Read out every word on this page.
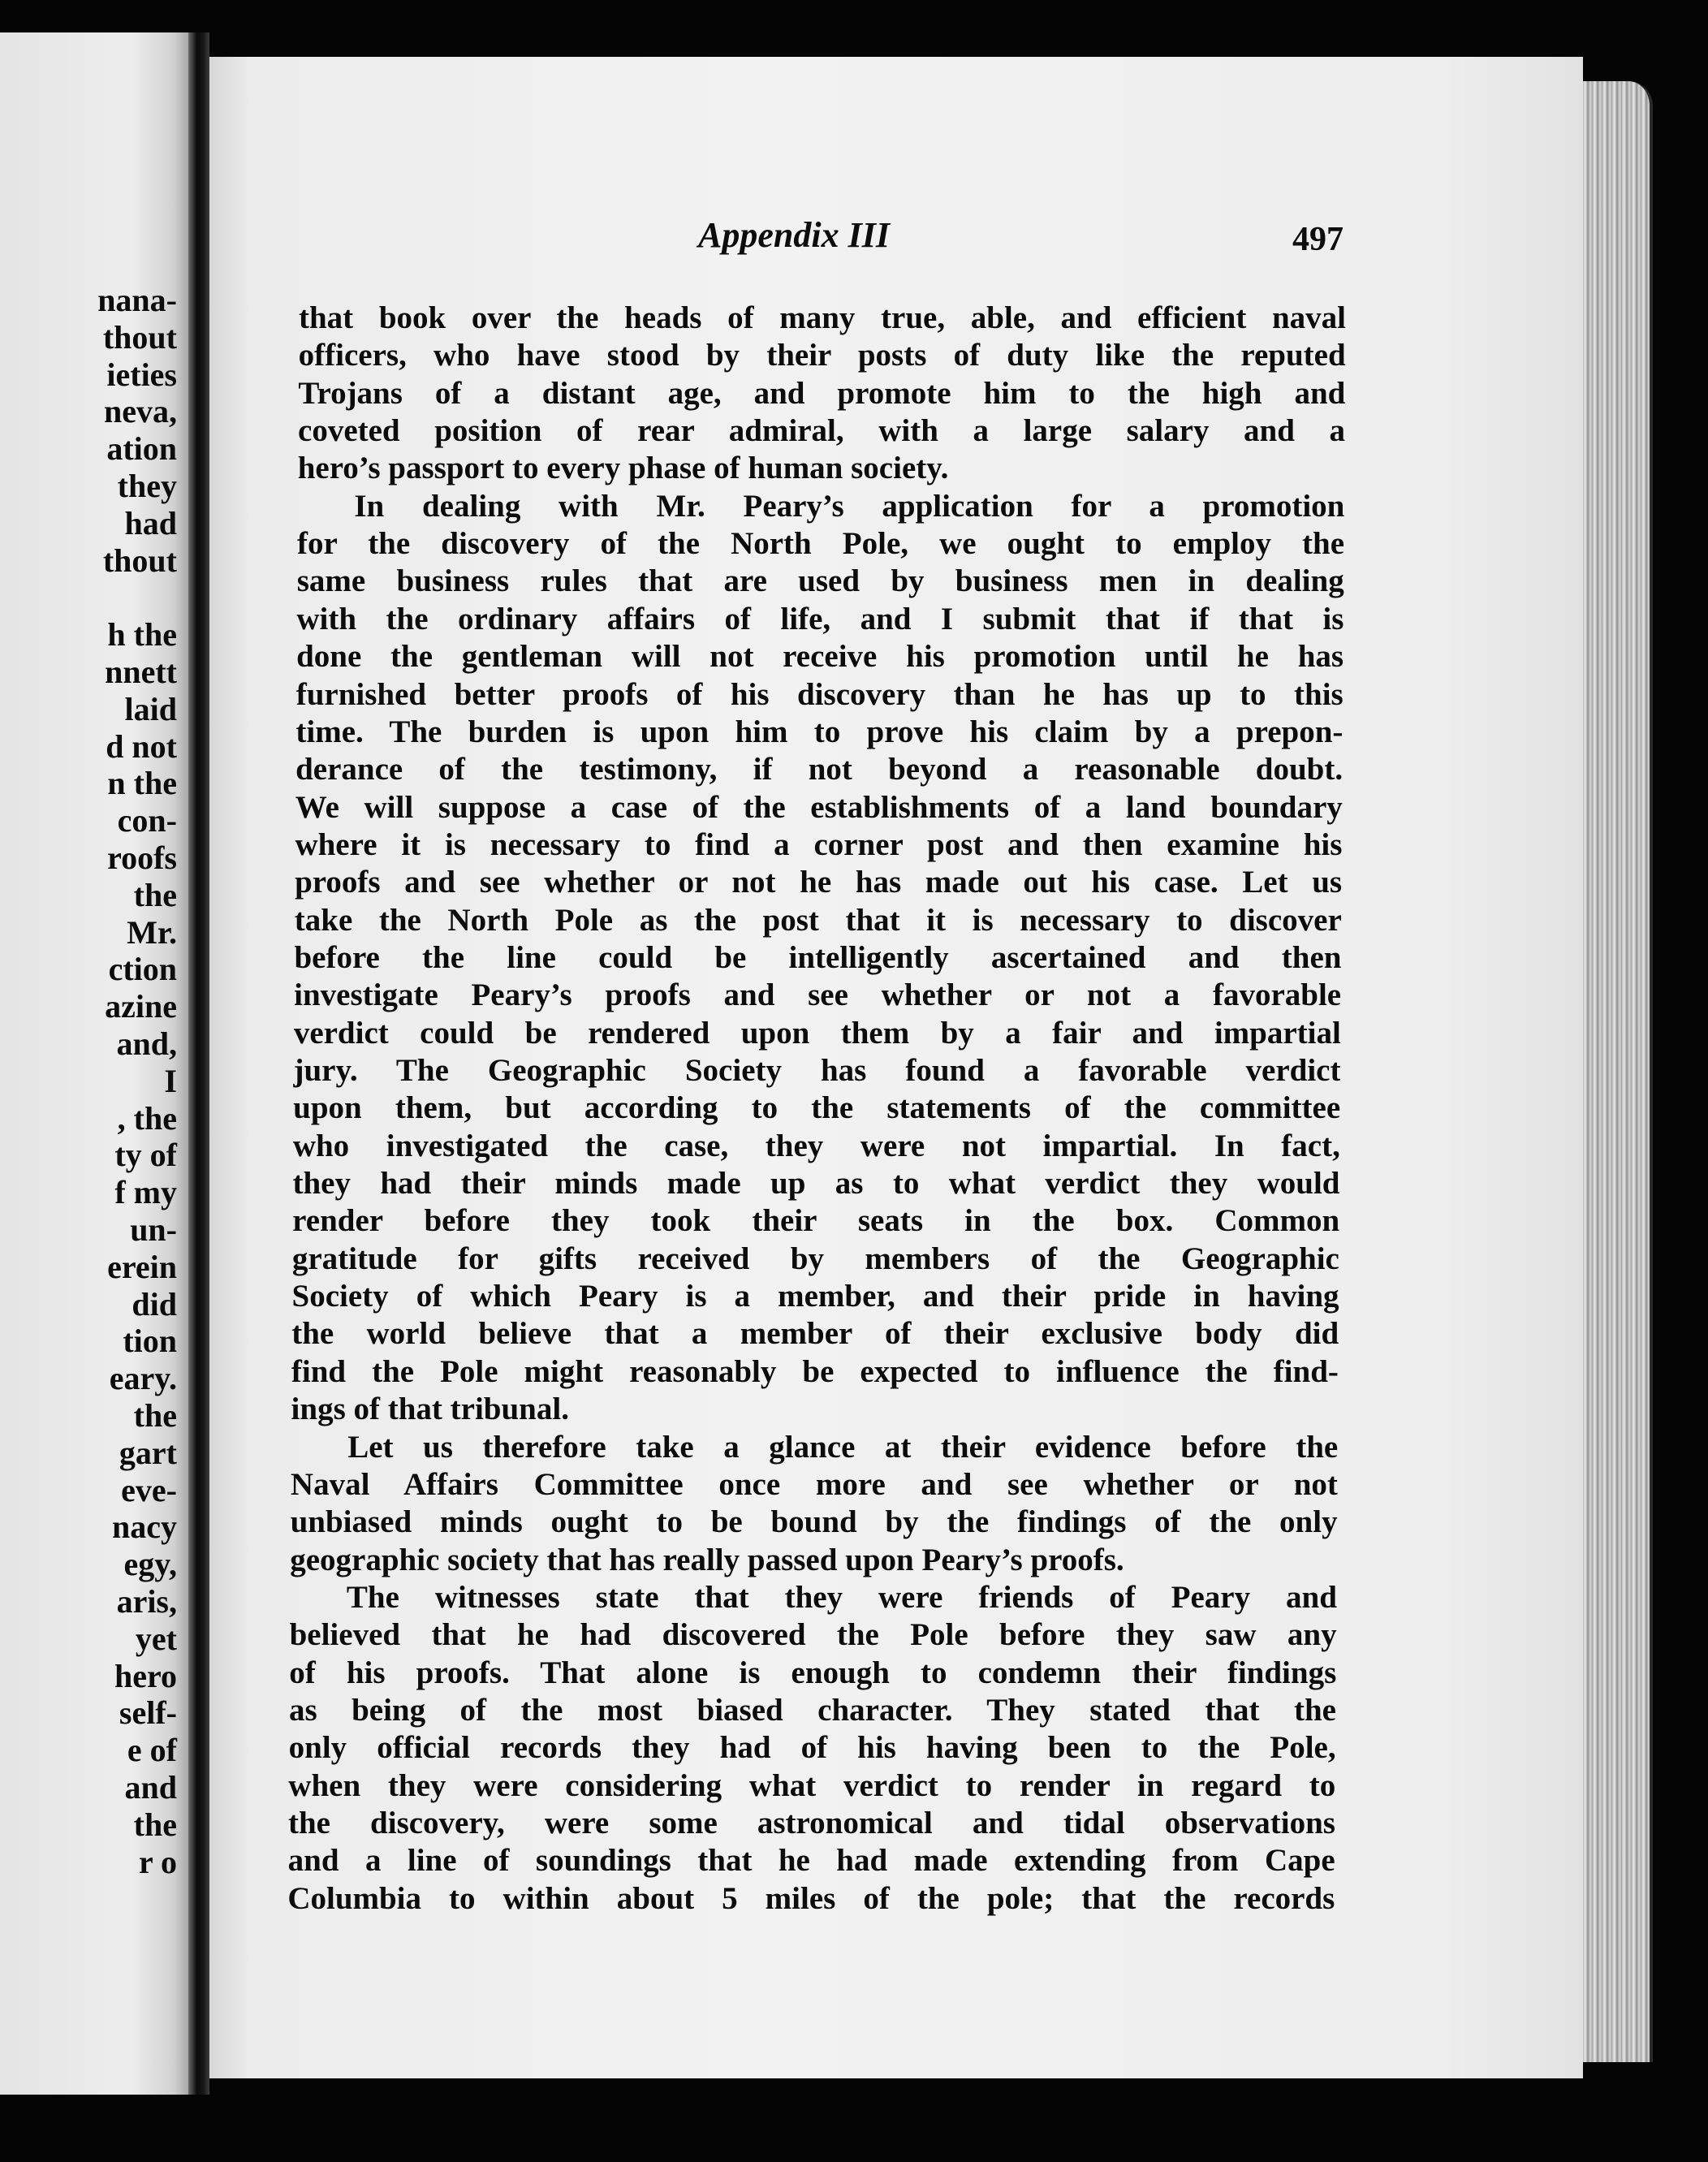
nana-
thout
ieties
neva,
ation
they
had
thout
h the
nnett
laid
d not
n the
con-
roofs
the
Mr.
ction
azine
and,
I
, the
ty of
f my
un-
erein
did
tion
eary.
the
gart
eve-
nacy
egy,
aris,
yet
hero
self-
e of
and
the
r o
Appendix III	497
that book over the heads of many true, able, and efficient naval
officers, who have stood by their posts of duty like the reputed
Trojans of a distant age, and promote him to the high and
coveted position of rear admiral, with a large salary and a
hero’s passport to every phase of human society.
In dealing with Mr. Peary’s application for a promotion
for the discovery of the North Pole, we ought to employ the
same business rules that are used by business men in dealing
with the ordinary affairs of life, and I submit that if that is
done the gentleman will not receive his promotion until he has
furnished better proofs of his discovery than he has up to this
time. The burden is upon him to prove his claim by a prepon-
derance of the testimony, if not beyond a reasonable doubt.
We will suppose a case of the establishments of a land boundary
where it is necessary to find a corner post and then examine his
proofs and see whether or not he has made out his case. Let us
take the North Pole as the post that it is necessary to discover
before the line could be intelligently ascertained and then
investigate Peary’s proofs and see whether or not a favorable
verdict could be rendered upon them by a fair and impartial
jury. The Geographic Society has found a favorable verdict
upon them, but according to the statements of the committee
who investigated the case, they were not impartial. In fact,
they had their minds made up as to what verdict they would
render before they took their seats in the box. Common
gratitude for gifts received by members of the Geographic
Society of which Peary is a member, and their pride in having
the world believe that a member of their exclusive body did
find the Pole might reasonably be expected to influence the find-
ings of that tribunal.
Let us therefore take a glance at their evidence before the
Naval Affairs Committee once more and see whether or not
unbiased minds ought to be bound by the findings of the only
geographic society that has really passed upon Peary’s proofs.
The witnesses state that they were friends of Peary and
believed that he had discovered the Pole before they saw any
of his proofs. That alone is enough to condemn their findings
as being of the most biased character. They stated that the
only official records they had of his having been to the Pole,
when they were considering what verdict to render in regard to
the discovery, were some astronomical and tidal observations
and a line of soundings that he had made extending from Cape
Columbia to within about 5 miles of the pole; that the records
